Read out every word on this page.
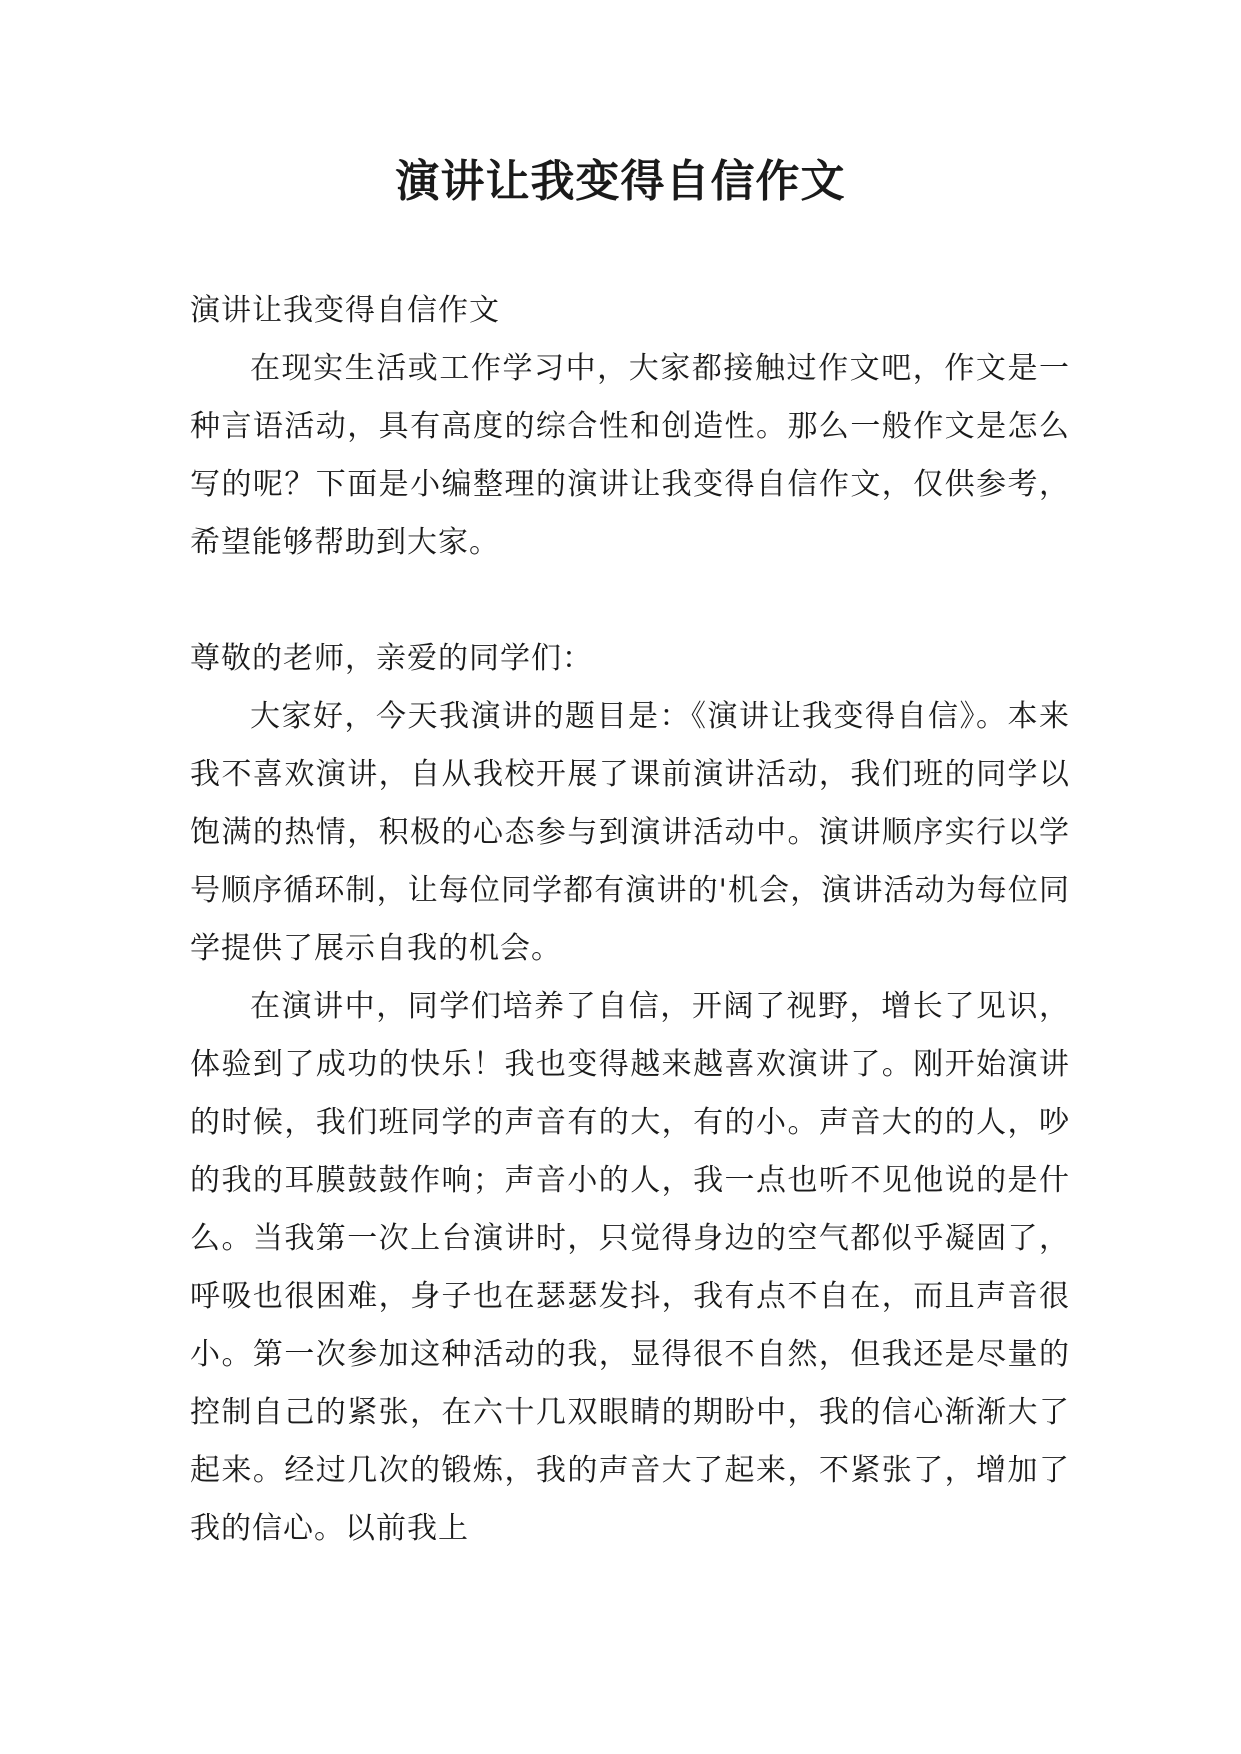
演讲让我变得自信作文

演讲让我变得自信作文

在现实生活或工作学习中，大家都接触过作文吧，作文是一种言语活动，具有高度的综合性和创造性。那么一般作文是怎么写的呢？下面是小编整理的演讲让我变得自信作文，仅供参考，希望能够帮助到大家。

尊敬的老师，亲爱的同学们：

大家好，今天我演讲的题目是：《演讲让我变得自信》。本来我不喜欢演讲，自从我校开展了课前演讲活动，我们班的同学以饱满的热情，积极的心态参与到演讲活动中。演讲顺序实行以学号顺序循环制，让每位同学都有演讲的'机会，演讲活动为每位同学提供了展示自我的机会。

在演讲中，同学们培养了自信，开阔了视野，增长了见识，体验到了成功的快乐！我也变得越来越喜欢演讲了。刚开始演讲的时候，我们班同学的声音有的大，有的小。声音大的的人，吵的我的耳膜鼓鼓作响；声音小的人，我一点也听不见他说的是什么。当我第一次上台演讲时，只觉得身边的空气都似乎凝固了，呼吸也很困难，身子也在瑟瑟发抖，我有点不自在，而且声音很小。第一次参加这种活动的我，显得很不自然，但我还是尽量的控制自己的紧张，在六十几双眼睛的期盼中，我的信心渐渐大了起来。经过几次的锻炼，我的声音大了起来，不紧张了，增加了我的信心。以前我上
